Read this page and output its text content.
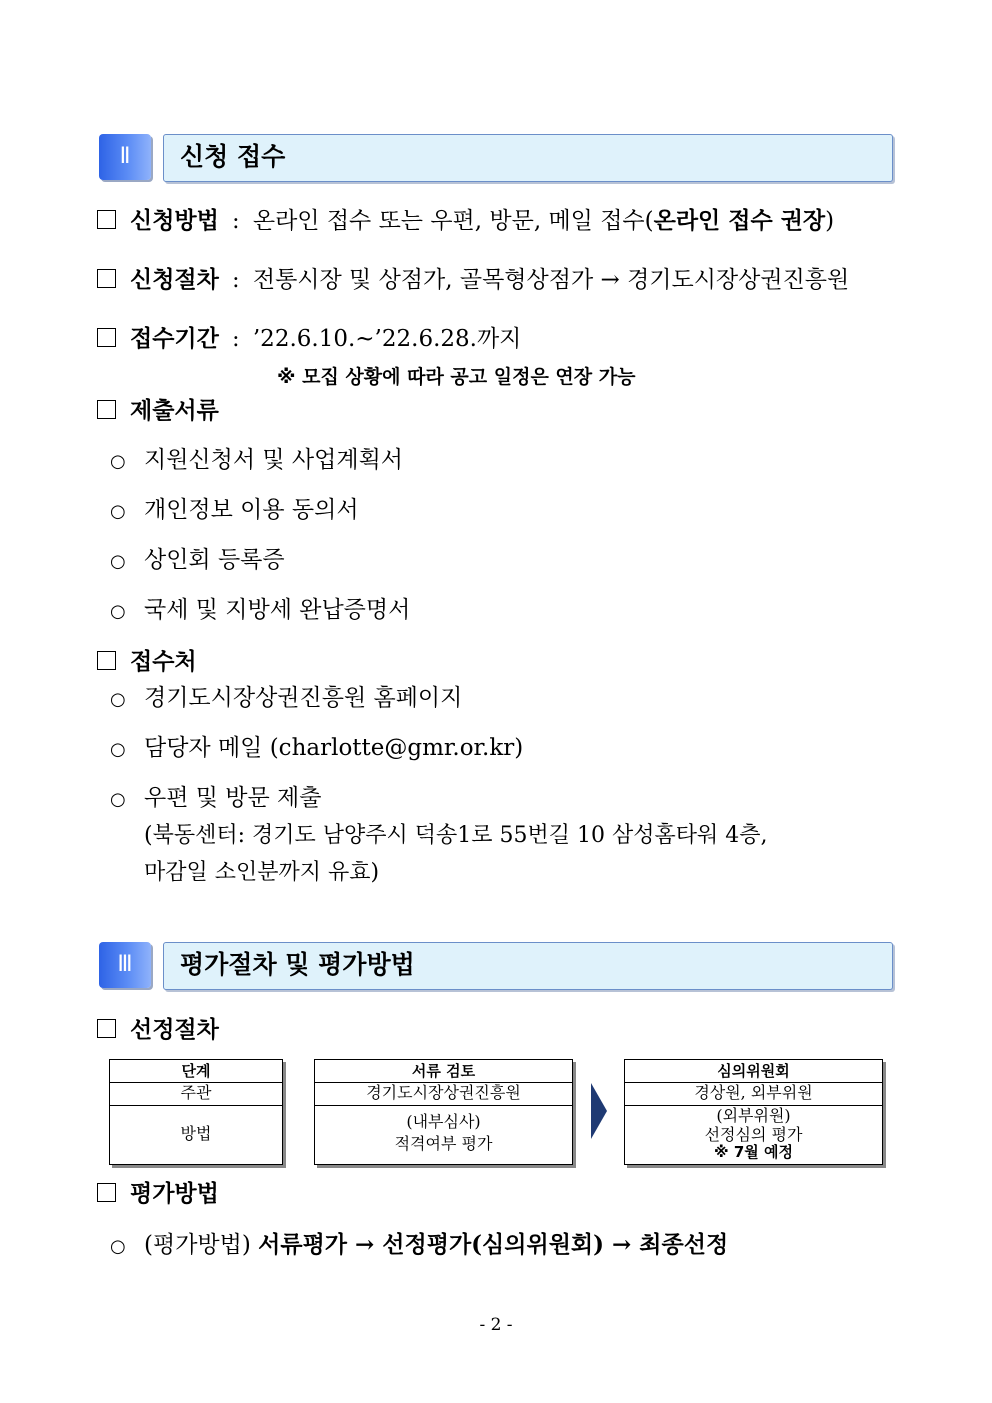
Ⅱ	신청 접수
신청방법 : 온라인 접수 또는 우편, 방문, 메일 접수(온라인 접수 권장)
신청절차 : 전통시장 및 상점가, 골목형상점가 → 경기도시장상권진흥원
접수기간 : ’22.6.10.~’22.6.28.까지
※ 모집 상황에 따라 공고 일정은 연장 가능
제출서류
○ 지원신청서 및 사업계획서
○ 개인정보 이용 동의서
○ 상인회 등록증
○ 국세 및 지방세 완납증명서
접수처
○ 경기도시장상권진흥원 홈페이지
○ 담당자 메일 (charlotte@gmr.or.kr)
○ 우편 및 방문 제출
(북동센터: 경기도 남양주시 덕송1로 55번길 10 삼성홈타워 4층,
마감일 소인분까지 유효)
Ⅲ	평가절차 및 평가방법
선정절차
단계
주관
방법
서류 검토
경기도시장상권진흥원
(내부심사)
적격여부 평가
심의위원회
경상원, 외부위원
(외부위원)
선정심의 평가
※ 7월 예정
평가방법
○ (평가방법) 서류평가 → 선정평가(심의위원회) → 최종선정
- 2 -
